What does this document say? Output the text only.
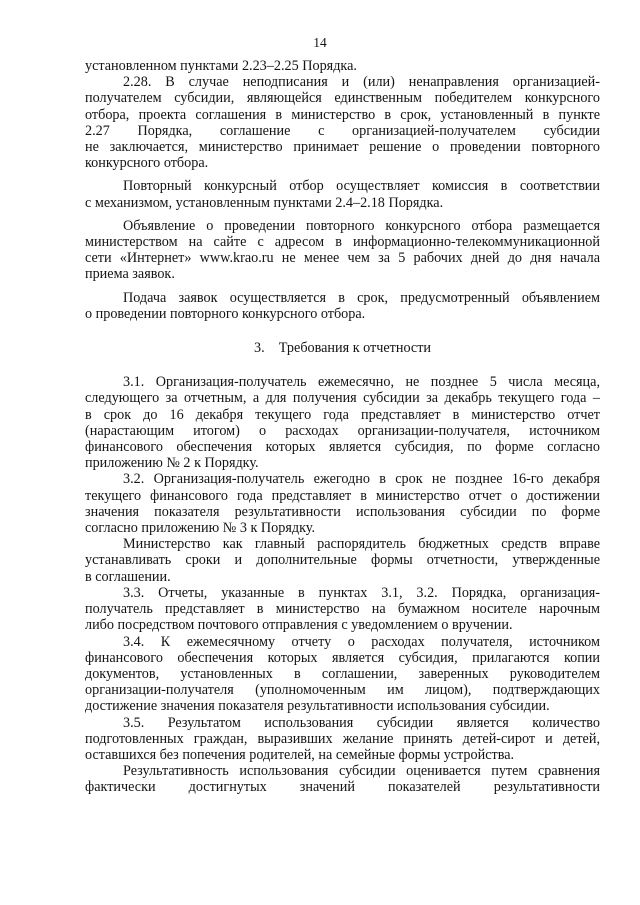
14
установленном пунктами 2.23–2.25 Порядка.
2.28. В случае неподписания и (или) ненаправления организацией-
получателем субсидии, являющейся единственным победителем конкурсного
отбора, проекта соглашения в министерство в срок, установленный в пункте
2.27 Порядка, соглашение с организацией-получателем субсидии
не заключается, министерство принимает решение о проведении повторного
конкурсного отбора.
Повторный конкурсный отбор осуществляет комиссия в соответствии
с механизмом, установленным пунктами 2.4–2.18 Порядка.
Объявление о проведении повторного конкурсного отбора размещается
министерством на сайте с адресом в информационно-телекоммуникационной
сети «Интернет» www.krao.ru не менее чем за 5 рабочих дней до дня начала
приема заявок.
Подача заявок осуществляется в срок, предусмотренный объявлением
о проведении повторного конкурсного отбора.
3.    Требования к отчетности
3.1. Организация-получатель ежемесячно, не позднее 5 числа месяца,
следующего за отчетным, а для получения субсидии за декабрь текущего года –
в срок до 16 декабря текущего года представляет в министерство отчет
(нарастающим итогом) о расходах организации-получателя, источником
финансового обеспечения которых является субсидия, по форме согласно
приложению № 2 к Порядку.
3.2. Организация-получатель ежегодно в срок не позднее 16-го декабря
текущего финансового года представляет в министерство отчет о достижении
значения показателя результативности использования субсидии по форме
согласно приложению № 3 к Порядку.
Министерство как главный распорядитель бюджетных средств вправе
устанавливать сроки и дополнительные формы отчетности, утвержденные
в соглашении.
3.3. Отчеты, указанные в пунктах 3.1, 3.2. Порядка, организация-
получатель представляет в министерство на бумажном носителе нарочным
либо посредством почтового отправления с уведомлением о вручении.
3.4. К ежемесячному отчету о расходах получателя, источником
финансового обеспечения которых является субсидия, прилагаются копии
документов, установленных в соглашении, заверенных руководителем
организации-получателя (уполномоченным им лицом), подтверждающих
достижение значения показателя результативности использования субсидии.
3.5. Результатом использования субсидии является количество
подготовленных граждан, выразивших желание принять детей-сирот и детей,
оставшихся без попечения родителей, на семейные формы устройства.
Результативность использования субсидии оценивается путем сравнения
фактически достигнутых значений показателей результативности
